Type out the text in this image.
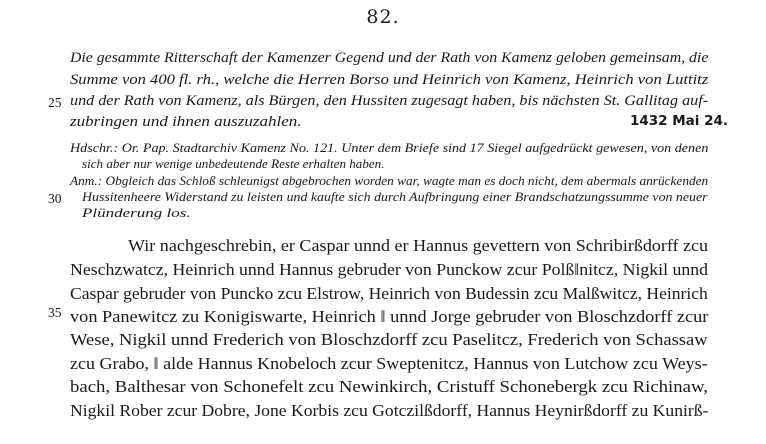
82.
Die gesammte Ritterschaft der Kamenzer Gegend und der Rath von Kamenz geloben gemeinsam, die
Summe von 400 fl. rh., welche die Herren Borso und Heinrich von Kamenz, Heinrich von Luttitz
und der Rath von Kamenz, als Bürgen, den Hussiten zugesagt haben, bis nächsten St. Gallitag auf-
zubringen und ihnen auszuzahlen.	1432 Mai 24.
25
30
35
Hdschr.: Or. Pap. Stadtarchiv Kamenz No. 121. Unter dem Briefe sind 17 Siegel aufgedrückt gewesen, von denen
sich aber nur wenige unbedeutende Reste erhalten haben.
Anm.: Obgleich das Schloß schleunigst abgebrochen worden war, wagte man es doch nicht, dem abermals anrückenden
Hussitenheere Widerstand zu leisten und kaufte sich durch Aufbringung einer Brandschatzungssumme von neuer
Plünderung los.
Wir nachgeschrebin, er Caspar unnd er Hannus gevettern von Schribirßdorff zcu
Neschzwatcz, Heinrich unnd Hannus gebruder von Punckow zcur Polß‖nitcz, Nigkil unnd
Caspar gebruder von Puncko zcu Elstrow, Heinrich von Budessin zcu Malßwitcz, Heinrich
von Panewitcz zu Konigiswarte, Heinrich ‖ unnd Jorge gebruder von Bloschzdorff zcur
Wese, Nigkil unnd Frederich von Bloschzdorff zcu Paselitcz, Frederich von Schassaw
zcu Grabo, ‖ alde Hannus Knobeloch zcur Sweptenitcz, Hannus von Lutchow zcu Weys-
bach, Balthesar von Schonefelt zcu Newinkirch, Cristuff Schonebergk zcu Richinaw,
Nigkil Rober zcur Dobre, Jone Korbis zcu Gotczilßdorff, Hannus Heynirßdorff zu Kunirß-
